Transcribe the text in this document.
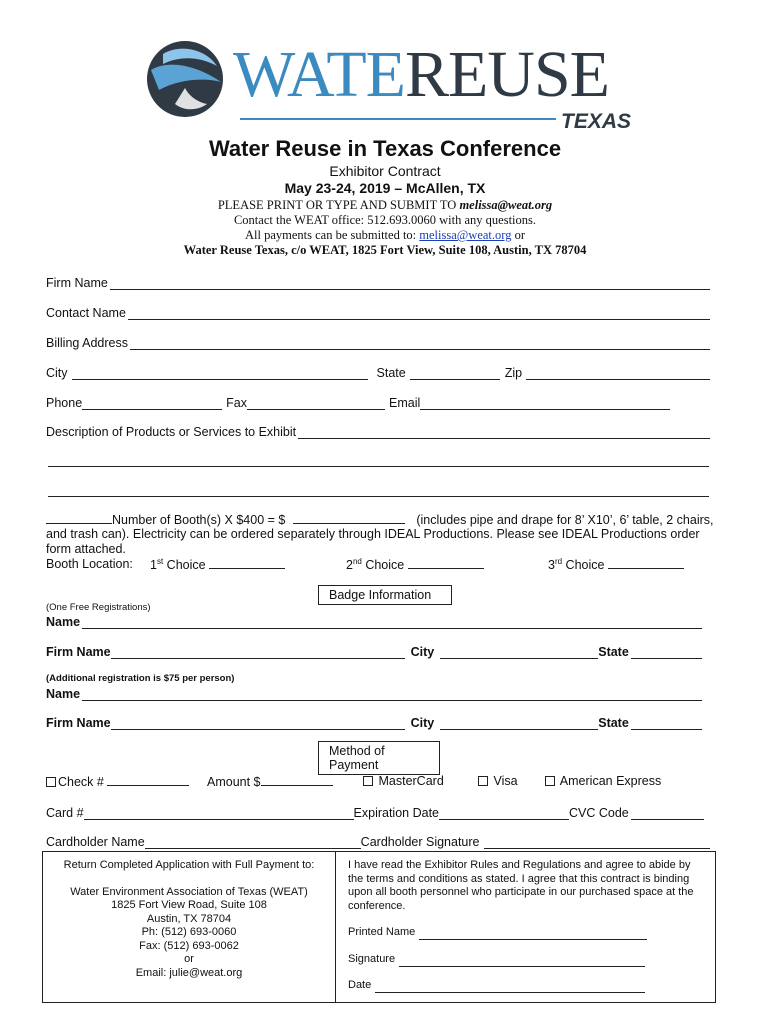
WATEREUSE
TEXAS
Water Reuse in Texas Conference
Exhibitor Contract
May 23-24, 2019 – McAllen, TX
PLEASE PRINT OR TYPE AND SUBMIT TO melissa@weat.org
Contact the WEAT office: 512.693.0060 with any questions.
All payments can be submitted to: melissa@weat.org or
Water Reuse Texas, c/o WEAT, 1825 Fort View, Suite 108, Austin, TX 78704
Firm Name
Contact Name
Billing Address
City	State	Zip
Phone	Fax	Email
Description of Products or Services to Exhibit
Number of Booth(s) X $400 = $	(includes pipe and drape for 8’ X10’, 6’ table, 2 chairs,
and trash can). Electricity can be ordered separately through IDEAL Productions. Please see IDEAL Productions order
form attached.
Booth Location: 1st Choice	2nd Choice	3rd Choice
Badge Information
(One Free Registrations)
Name
Firm Name	City	State
(Additional registration is $75 per person)
Name
Firm Name	City	State
Method of Payment
Check #	Amount $	MasterCard	Visa	American Express
Card #	Expiration Date	CVC Code
Cardholder Name	Cardholder Signature
Return Completed Application with Full Payment to:
Water Environment Association of Texas (WEAT)
1825 Fort View Road, Suite 108
Austin, TX 78704
Ph: (512) 693-0060
Fax: (512) 693-0062
or
Email: julie@weat.org
I have read the Exhibitor Rules and Regulations and agree to abide by the terms and conditions as stated. I agree that this contract is binding upon all booth personnel who participate in our purchased space at the conference.
Printed Name
Signature
Date
